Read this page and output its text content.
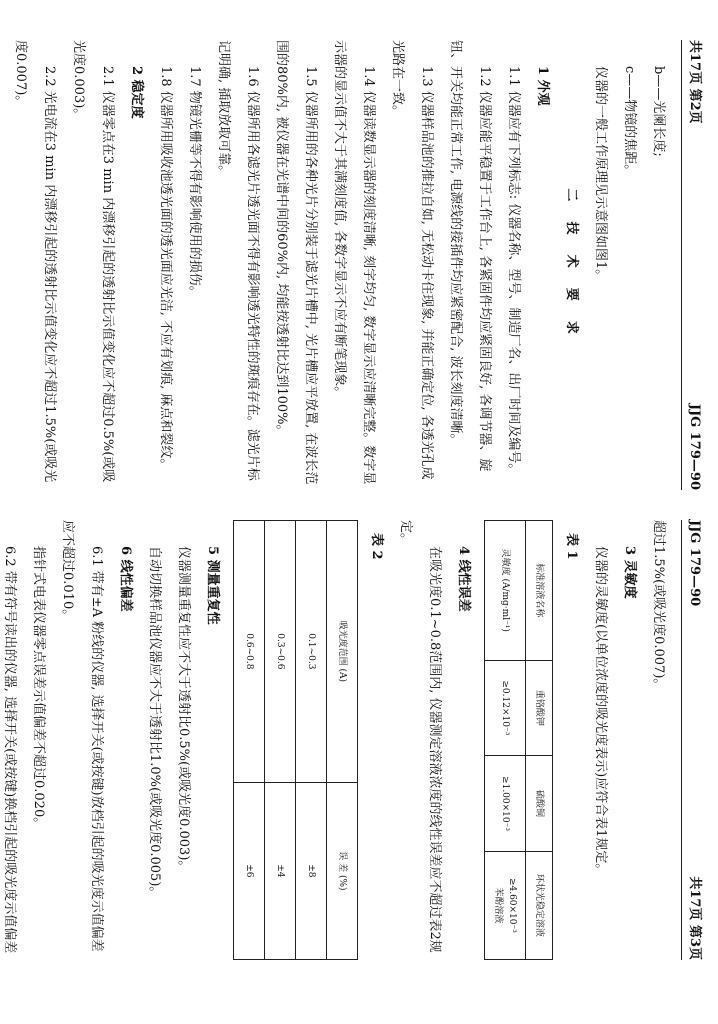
共17页 第2页
JJG 179—90

b——光阑长度;

c——物镜的焦距。

仪器的一般工作原理见示意图如图1。

二 技 术 要 求

1 外观

1.1 仪器应有下列标志: 仪器名称、型号、制造厂名、出厂时间及编号。

1.2 仪器应能平稳置于工作台上, 各紧固件均应紧固良好, 各调节器、旋钮、开关均能正常工作, 电源线的接插件均应紧密配合, 波长刻度清晰。

1.3 仪器样品池的推拉自如, 无松动卡住现象, 并能正确定位, 各透光孔成光路在一致。

1.4 仪器读数显示器的刻度清晰, 刻字均匀, 数字显示应清晰完整。数字显示器的显示值不大于其满刻度值, 各数字显示不应有断笔现象。

1.5 仪器所用的各种光片分别装于滤光片槽中, 光片槽应平放置, 在波长范围的80%内, 被仪器在光谱中间的60%内, 均能按透射比达到100%。

1.6 仪器所用各滤光片透光面不得有影响透光特性的斑痕存在。滤光片标记明确, 插取放取可靠。

1.7 物镜光栅等不得有影响使用的损伤。

1.8 仪器所用吸收池透光面的透光面应光洁, 不应有划痕, 麻点和裂纹。

2 稳定度

2.1 仪器零点在3 min 内漂移引起的透射比示值变化应不超过0.5%(或吸光度0.003)。

2.2 光电流在3 min 内漂移引起的透射比示值变化应不超过1.5%(或吸光度0.007)。

JJG 179—90
共17页 第3页

超过1.5%(或吸光度0.007)。

3 灵敏度

仪器的灵敏度(以单位浓度的吸光度表示)应符合表1规定。

表 1

标准溶液名称	重铬酸钾	硫酸铜	环状光稳定溶液
灵敏度 (A/mg·ml⁻¹)	≥0.12×10⁻³	≥1.00×10⁻³	≥4.60×10⁻³
苯酚溶液

4 线性误差

在吸光度0.1~0.8范围内, 仪器测定溶液浓度的线性误差应不超过表2规定。

表 2

吸光度范围 (A)	误 差 (%)
0.1~0.3	±8
0.3~0.6	±4
0.6~0.8	±6

5 测量重复性

仪器测量重复性应不大于透射比0.5%(或吸光度0.003)。

自动切换样品池仪器应不大于透射比1.0%(或吸光度0.005)。

6 线性偏差

6.1 带有±A 粉线的仪器, 选择开关(或按键)放档引起的吸光度示值偏差应不超过0.010。

指针式电表仪器零点误差示值偏差不超过0.020。

6.2 带有符号读出的仪器, 选择开关(或按键)换档引起的吸光度示值偏差
